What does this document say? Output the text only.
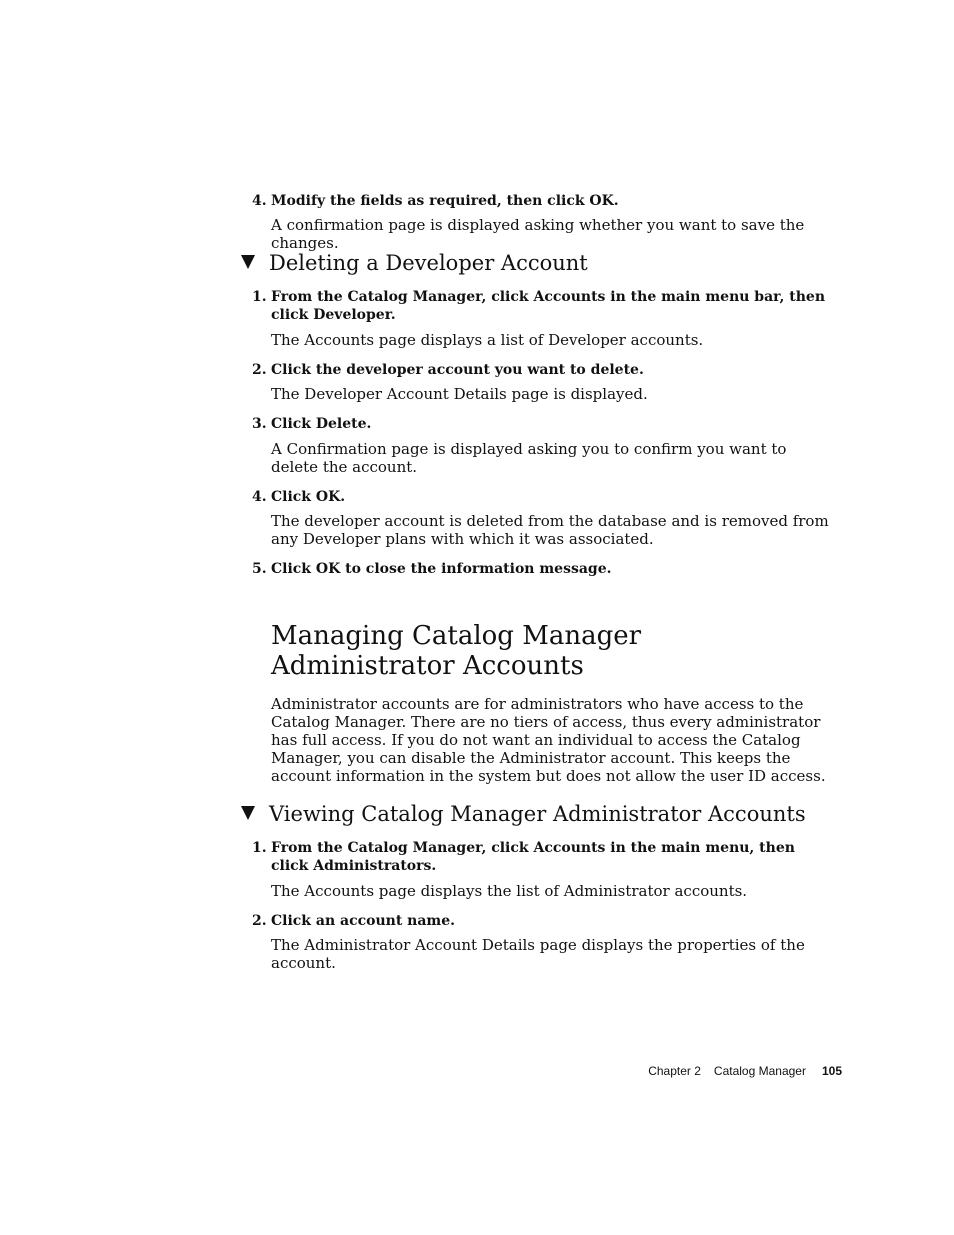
4. Modify the fields as required, then click OK.
A confirmation page is displayed asking whether you want to save the changes.
Deleting a Developer Account
1. From the Catalog Manager, click Accounts in the main menu bar, then click Developer.
The Accounts page displays a list of Developer accounts.
2. Click the developer account you want to delete.
The Developer Account Details page is displayed.
3. Click Delete.
A Confirmation page is displayed asking you to confirm you want to delete the account.
4. Click OK.
The developer account is deleted from the database and is removed from any Developer plans with which it was associated.
5. Click OK to close the information message.
Managing Catalog Manager Administrator Accounts
Administrator accounts are for administrators who have access to the Catalog Manager. There are no tiers of access, thus every administrator has full access. If you do not want an individual to access the Catalog Manager, you can disable the Administrator account. This keeps the account information in the system but does not allow the user ID access.
Viewing Catalog Manager Administrator Accounts
1. From the Catalog Manager, click Accounts in the main menu, then click Administrators.
The Accounts page displays the list of Administrator accounts.
2. Click an account name.
The Administrator Account Details page displays the properties of the account.
Chapter 2 Catalog Manager 105
